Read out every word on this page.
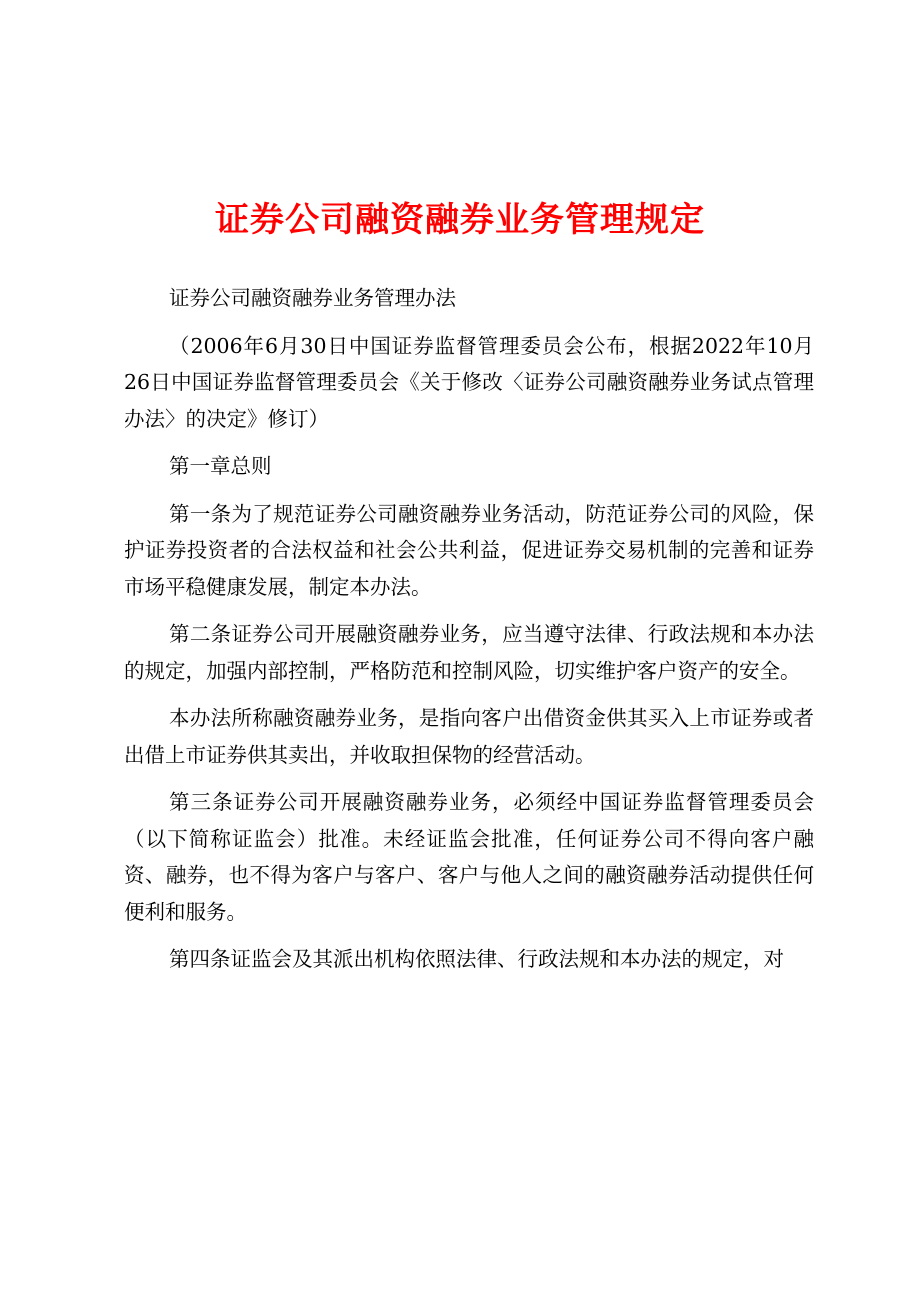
证券公司融资融券业务管理规定

证券公司融资融券业务管理办法

（2006年6月30日中国证券监督管理委员会公布，根据2022年10月26日中国证券监督管理委员会《关于修改〈证券公司融资融券业务试点管理办法〉的决定》修订）

第一章总则

第一条为了规范证券公司融资融券业务活动，防范证券公司的风险，保护证券投资者的合法权益和社会公共利益，促进证券交易机制的完善和证券市场平稳健康发展，制定本办法。

第二条证券公司开展融资融券业务，应当遵守法律、行政法规和本办法的规定，加强内部控制，严格防范和控制风险，切实维护客户资产的安全。

本办法所称融资融券业务，是指向客户出借资金供其买入上市证券或者出借上市证券供其卖出，并收取担保物的经营活动。

第三条证券公司开展融资融券业务，必须经中国证券监督管理委员会（以下简称证监会）批准。未经证监会批准，任何证券公司不得向客户融资、融券，也不得为客户与客户、客户与他人之间的融资融券活动提供任何便利和服务。

第四条证监会及其派出机构依照法律、行政法规和本办法的规定，对
